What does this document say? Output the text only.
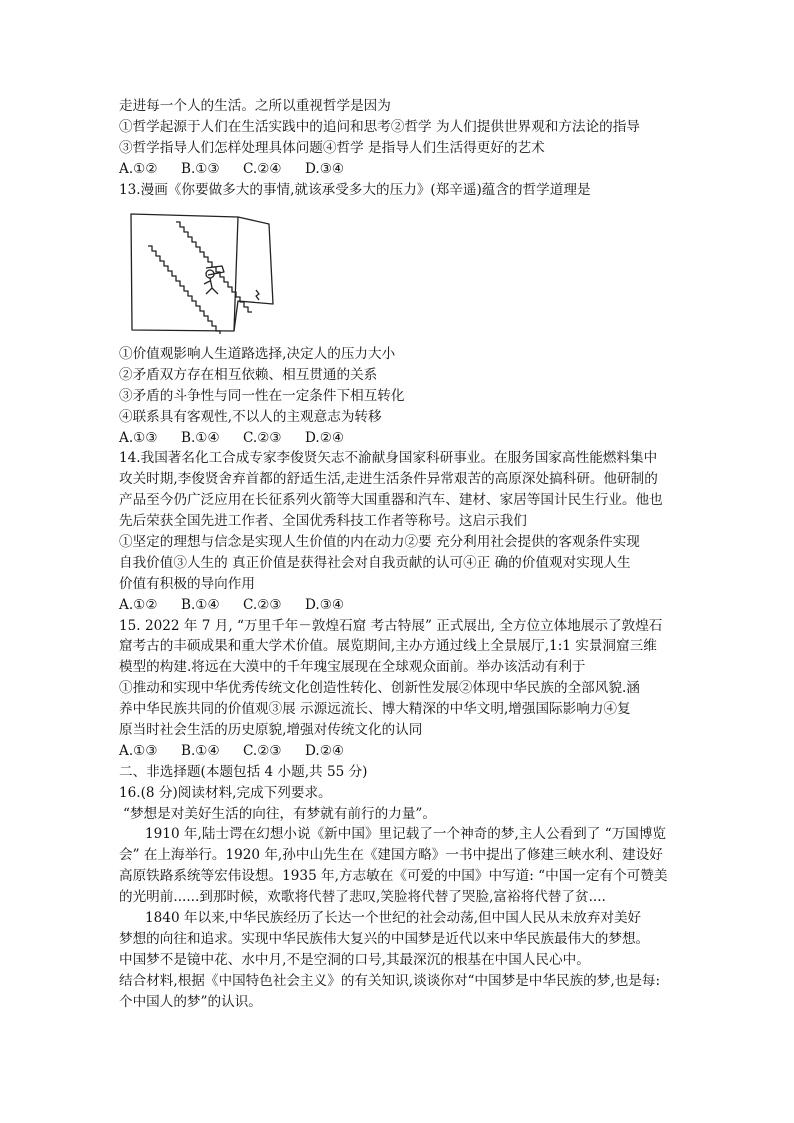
走进每一个人的生活。之所以重视哲学是因为
①哲学起源于人们在生活实践中的追问和思考②哲学 为人们提供世界观和方法论的指导
③哲学指导人们怎样处理具体问题④哲学 是指导人们生活得更好的艺术
A.①② B.①③ C.②④ D.③④
13.漫画《你要做多大的事情,就该承受多大的压力》(郑辛遥)蕴含的哲学道理是
①价值观影响人生道路选择,决定人的压力大小
②矛盾双方存在相互依赖、相互贯通的关系
③矛盾的斗争性与同一性在一定条件下相互转化
④联系具有客观性,不以人的主观意志为转移
A.①③ B.①④ C.②③ D.②④
14.我国著名化工合成专家李俊贤矢志不渝献身国家科研事业。在服务国家高性能燃料集中
攻关时期,李俊贤舍弃首都的舒适生活,走进生活条件异常艰苦的高原深处搞科研。他研制的
产品至今仍广泛应用在长征系列火箭等大国重器和汽车、建材、家居等国计民生行业。他也
先后荣获全国先进工作者、全国优秀科技工作者等称号。这启示我们
①坚定的理想与信念是实现人生价值的内在动力②要 充分利用社会提供的客观条件实现
自我价值③人生的 真正价值是获得社会对自我贡献的认可④正 确的价值观对实现人生
价值有积极的导向作用
A.①② B.①④ C.②③ D.③④
15. 2022 年 7 月, “万里千年－敦煌石窟 考古特展” 正式展出, 全方位立体地展示了敦煌石
窟考古的丰硕成果和重大学术价值。展览期间,主办方通过线上全景展厅,1:1 实景洞窟三维
模型的构建.将远在大漠中的千年瑰宝展现在全球观众面前。举办该活动有利于
①推动和实现中华优秀传统文化创造性转化、创新性发展②体现中华民族的全部风貌.涵
养中华民族共同的价值观③展 示源远流长、博大精深的中华文明,增强国际影响力④复
原当时社会生活的历史原貌,增强对传统文化的认同
A.①③ B.①④ C.②③ D.②④
二、非选择题(本题包括 4 小题,共 55 分)
16.(8 分)阅读材料,完成下列要求。
“梦想是对美好生活的向往，有梦就有前行的力量”。
1910 年,陆士谔在幻想小说《新中国》里记载了一个神奇的梦,主人公看到了 “万国博览
会” 在上海举行。1920 年,孙中山先生在《建国方略》一书中提出了修建三峡水利、建设好
高原铁路系统等宏伟设想。1935 年,方志敏在《可爱的中国》中写道: “中国一定有个可赞美
的光明前......到那时候，欢歌将代替了悲叹,笑脸将代替了哭脸,富裕将代替了贫....
1840 年以来,中华民族经历了长达一个世纪的社会动荡,但中国人民从未放弃对美好
梦想的向往和追求。实现中华民族伟大复兴的中国梦是近代以来中华民族最伟大的梦想。
中国梦不是镜中花、水中月,不是空洞的口号,其最深沉的根基在中国人民心中。
结合材料,根据《中国特色社会主义》的有关知识,谈谈你对“中国梦是中华民族的梦,也是每:
个中国人的梦”的认识。
